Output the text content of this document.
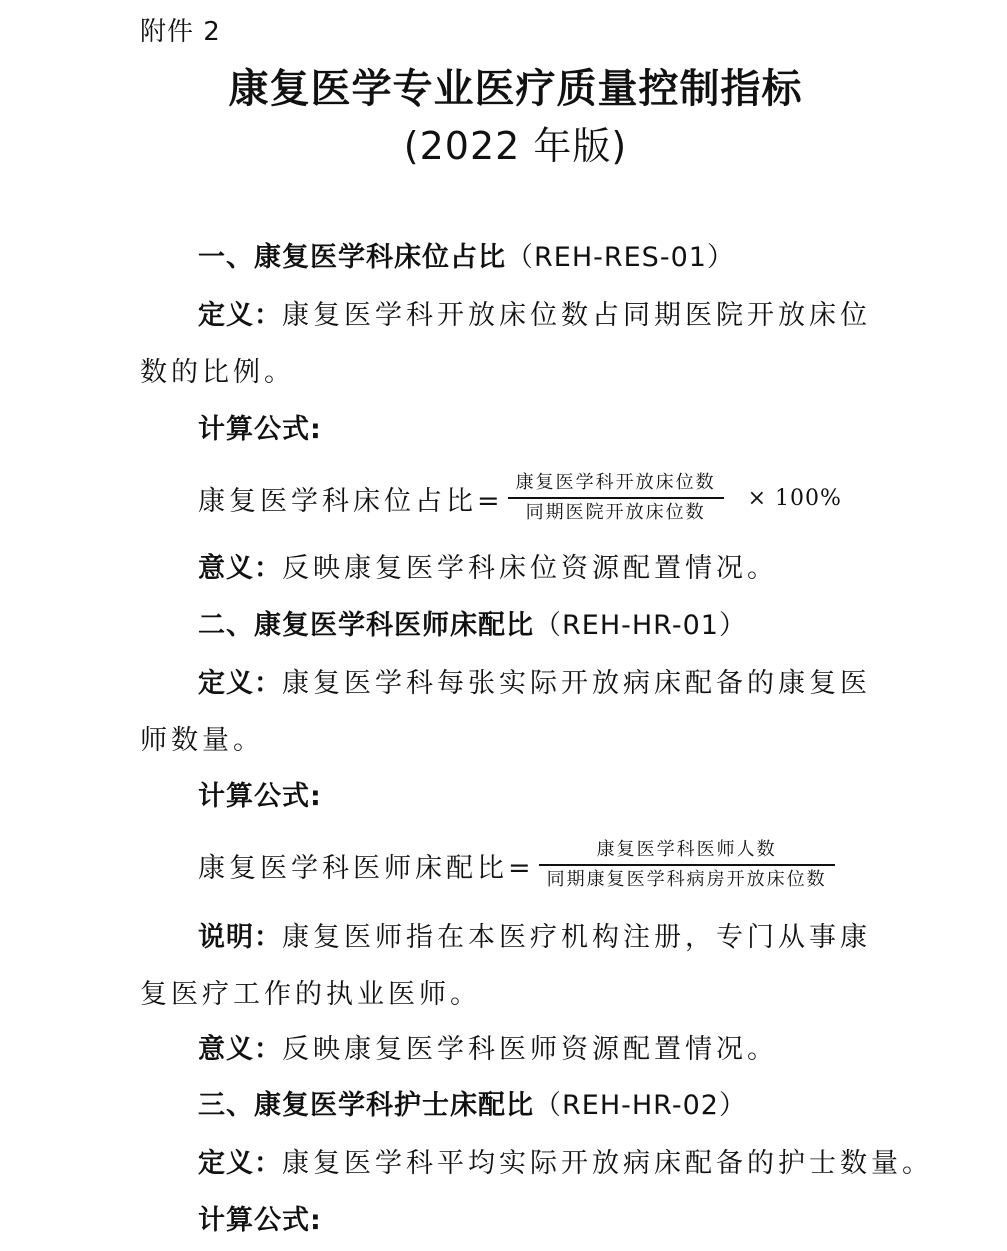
附件 2
康复医学专业医疗质量控制指标
(2022 年版)
一、康复医学科床位占比（REH-RES-01）
定义：康复医学科开放床位数占同期医院开放床位数的比例。
计算公式:
康复医学科床位占比= $\frac{\text{康复医学科开放床位数}}{\text{同期医院开放床位数}} \times 100\%$
意义：反映康复医学科床位资源配置情况。
二、康复医学科医师床配比（REH-HR-01）
定义：康复医学科每张实际开放病床配备的康复医师数量。
计算公式:
康复医学科医师床配比= $\frac{\text{康复医学科医师人数}}{\text{同期康复医学科病房开放床位数}}$
说明：康复医师指在本医疗机构注册，专门从事康复医疗工作的执业医师。
意义：反映康复医学科医师资源配置情况。
三、康复医学科护士床配比（REH-HR-02）
定义：康复医学科平均实际开放病床配备的护士数量。
计算公式:
